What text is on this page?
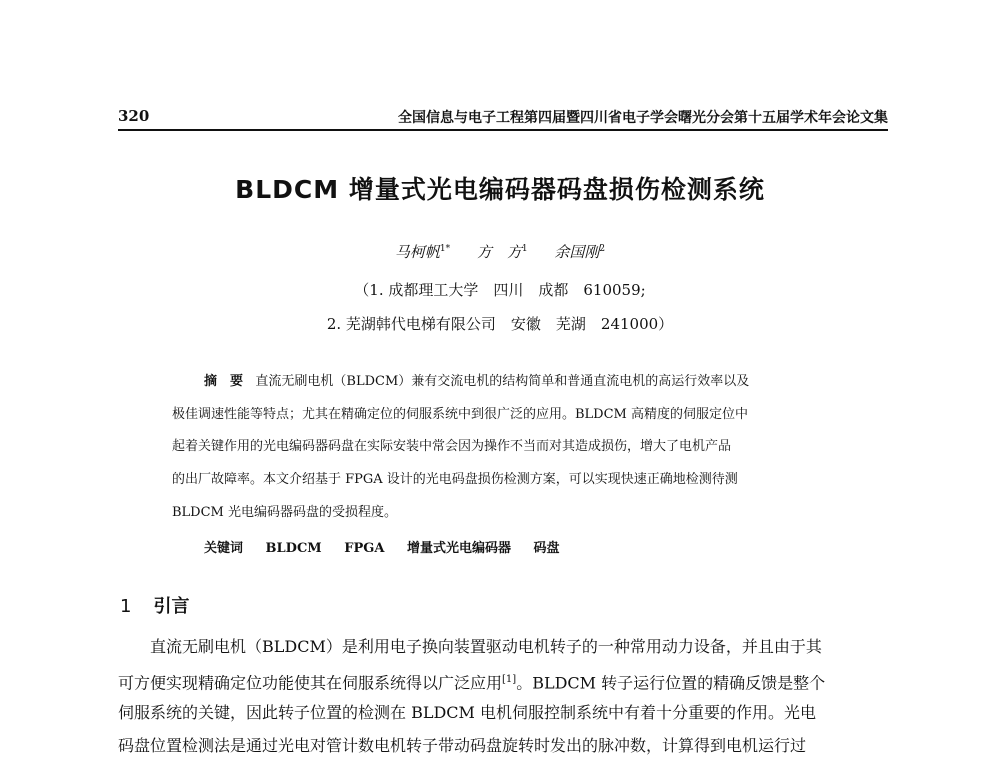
320	全国信息与电子工程第四届暨四川省电子学会曙光分会第十五届学术年会论文集
BLDCM 增量式光电编码器码盘损伤检测系统
马柯帆$^{1*}$ 方　方$^1$ 余国刚$^2$
（1. 成都理工大学　四川　成都　610059;
2. 芜湖韩代电梯有限公司　安徽　芜湖　241000）
摘　要 直流无刷电机（BLDCM）兼有交流电机的结构简单和普通直流电机的高运行效率以及
极佳调速性能等特点；尤其在精确定位的伺服系统中到很广泛的应用。BLDCM 高精度的伺服定位中
起着关键作用的光电编码器码盘在实际安装中常会因为操作不当而对其造成损伤，增大了电机产品
的出厂故障率。本文介绍基于 FPGA 设计的光电码盘损伤检测方案，可以实现快速正确地检测待测
BLDCM 光电编码器码盘的受损程度。
关键词 BLDCM FPGA 增量式光电编码器 码盘
1 引言
直流无刷电机（BLDCM）是利用电子换向装置驱动电机转子的一种常用动力设备，并且由于其
可方便实现精确定位功能使其在伺服系统得以广泛应用[1]。BLDCM 转子运行位置的精确反馈是整个
伺服系统的关键，因此转子位置的检测在 BLDCM 电机伺服控制系统中有着十分重要的作用。光电
码盘位置检测法是通过光电对管计数电机转子带动码盘旋转时发出的脉冲数，计算得到电机运行过
